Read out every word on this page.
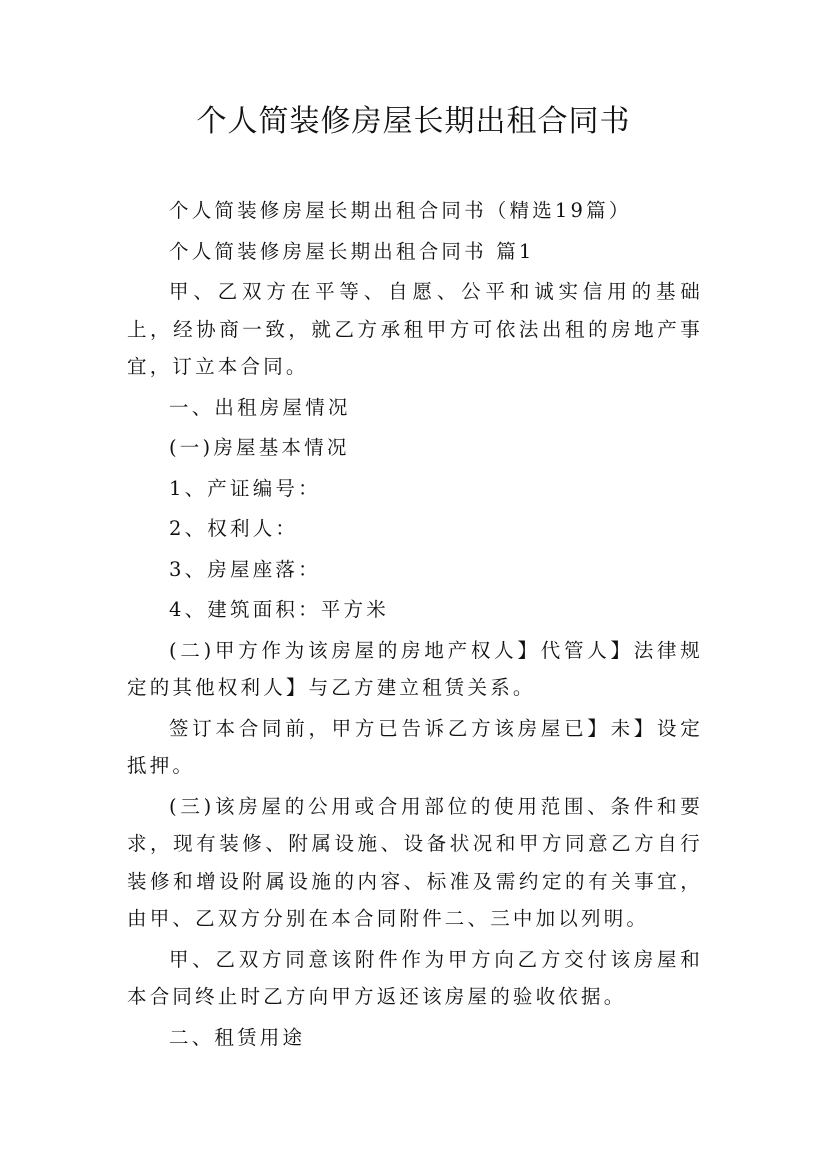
个人简装修房屋长期出租合同书

个人简装修房屋长期出租合同书（精选19篇）

个人简装修房屋长期出租合同书 篇1

甲、乙双方在平等、自愿、公平和诚实信用的基础上，经协商一致，就乙方承租甲方可依法出租的房地产事宜，订立本合同。

一、出租房屋情况

(一)房屋基本情况

1、产证编号：

2、权利人：

3、房屋座落：

4、建筑面积：平方米

(二)甲方作为该房屋的房地产权人】代管人】法律规定的其他权利人】与乙方建立租赁关系。

签订本合同前，甲方已告诉乙方该房屋已】未】设定抵押。

(三)该房屋的公用或合用部位的使用范围、条件和要求，现有装修、附属设施、设备状况和甲方同意乙方自行装修和增设附属设施的内容、标准及需约定的有关事宜，由甲、乙双方分别在本合同附件二、三中加以列明。

甲、乙双方同意该附件作为甲方向乙方交付该房屋和本合同终止时乙方向甲方返还该房屋的验收依据。

二、租赁用途
